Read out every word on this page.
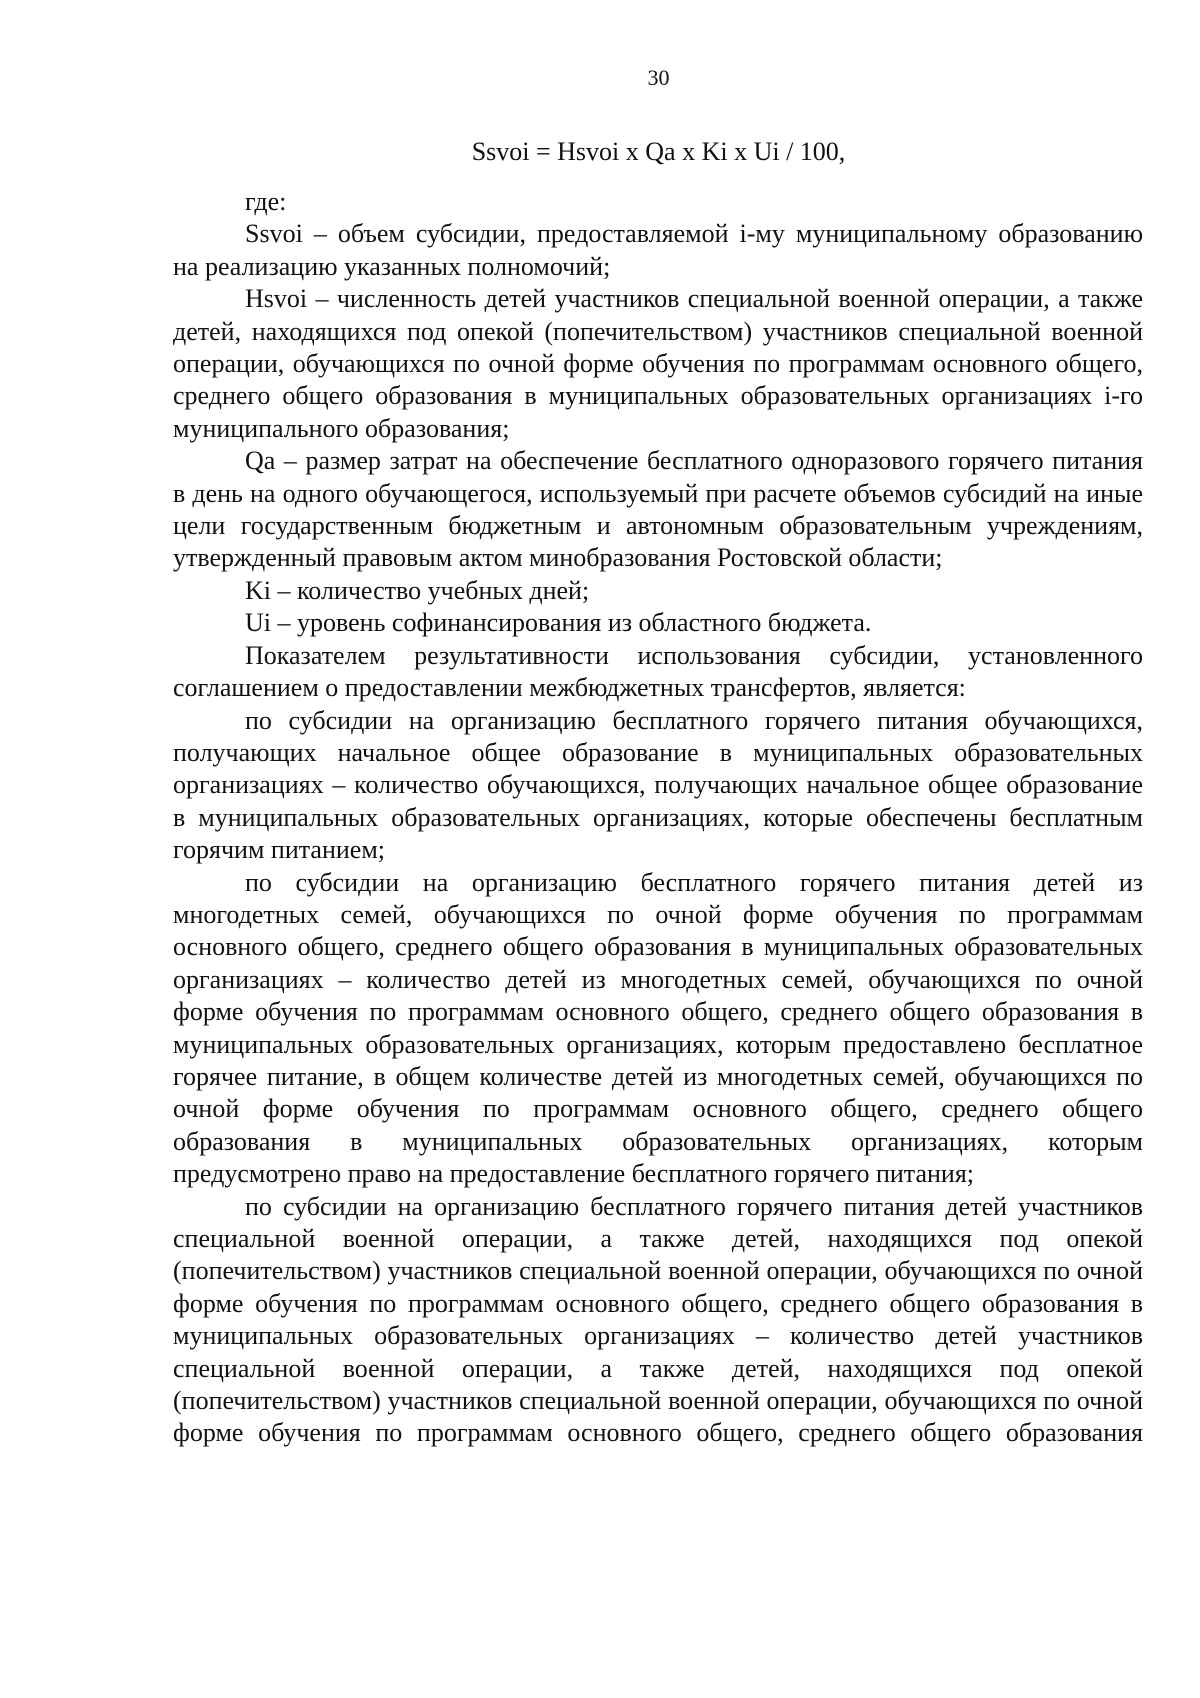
30
Ssvoi = Hsvoi x Qa x Ki x Ui / 100,

где:

Ssvoi – объем субсидии, предоставляемой i-му муниципальному образованию на реализацию указанных полномочий;

Hsvoi – численность детей участников специальной военной операции, а также детей, находящихся под опекой (попечительством) участников специальной военной операции, обучающихся по очной форме обучения по программам основного общего, среднего общего образования в муниципальных образовательных организациях i-го муниципального образования;

Qa – размер затрат на обеспечение бесплатного одноразового горячего питания в день на одного обучающегося, используемый при расчете объемов субсидий на иные цели государственным бюджетным и автономным образовательным учреждениям, утвержденный правовым актом минобразования Ростовской области;

Ki – количество учебных дней;

Ui – уровень софинансирования из областного бюджета.

Показателем результативности использования субсидии, установленного соглашением о предоставлении межбюджетных трансфертов, является:

по субсидии на организацию бесплатного горячего питания обучающихся, получающих начальное общее образование в муниципальных образовательных организациях – количество обучающихся, получающих начальное общее образование в муниципальных образовательных организациях, которые обеспечены бесплатным горячим питанием;

по субсидии на организацию бесплатного горячего питания детей из многодетных семей, обучающихся по очной форме обучения по программам основного общего, среднего общего образования в муниципальных образовательных организациях – количество детей из многодетных семей, обучающихся по очной форме обучения по программам основного общего, среднего общего образования в муниципальных образовательных организациях, которым предоставлено бесплатное горячее питание, в общем количестве детей из многодетных семей, обучающихся по очной форме обучения по программам основного общего, среднего общего образования в муниципальных образовательных организациях, которым предусмотрено право на предоставление бесплатного горячего питания;

по субсидии на организацию бесплатного горячего питания детей участников специальной военной операции, а также детей, находящихся под опекой (попечительством) участников специальной военной операции, обучающихся по очной форме обучения по программам основного общего, среднего общего образования в муниципальных образовательных организациях – количество детей участников специальной военной операции, а также детей, находящихся под опекой (попечительством) участников специальной военной операции, обучающихся по очной форме обучения по программам основного общего, среднего общего образования
